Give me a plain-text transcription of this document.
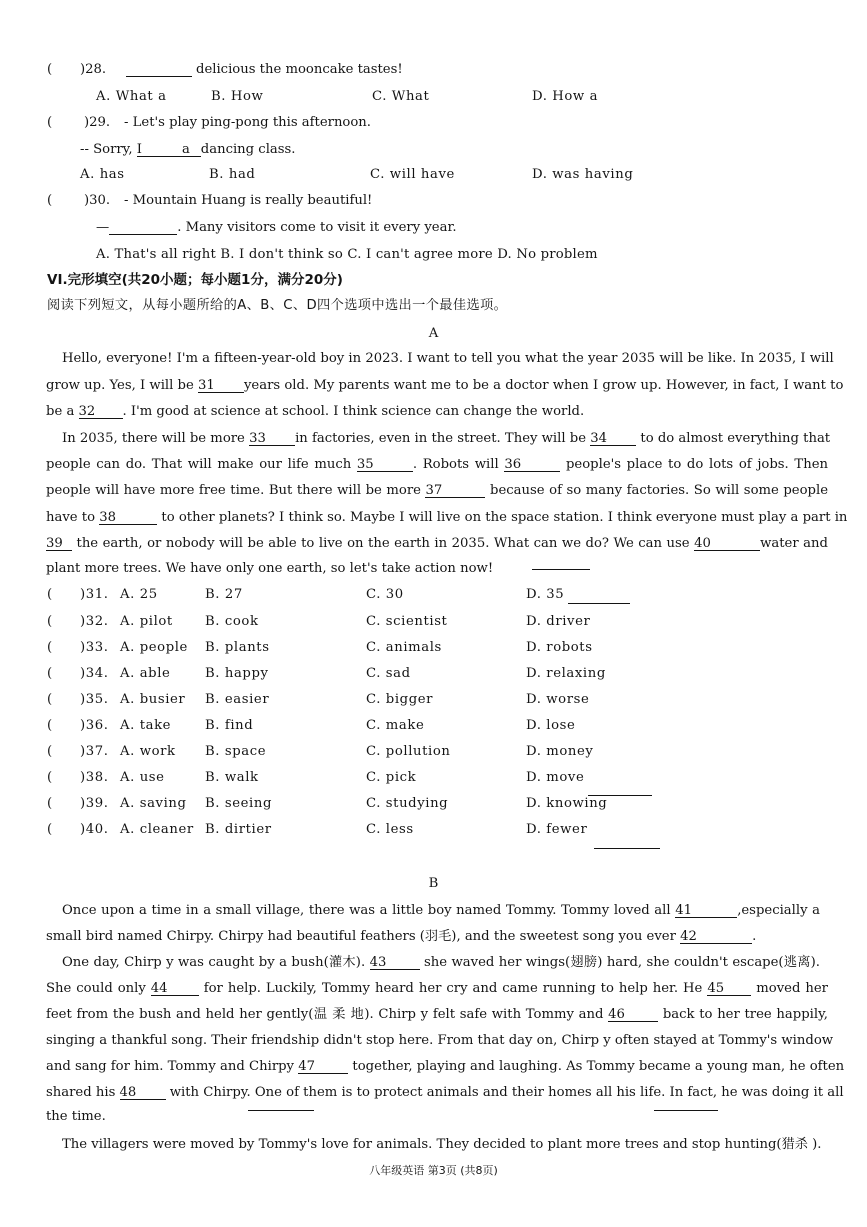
( )28.
	delicious the mooncake tastes!
A. What a	B. How	C. What	D. How a
( )29. - Let's play ping-pong this afternoon.
-- Sorry, I	a dancing class.
A. has	B. had	C. will have	D. was having
( )30. - Mountain Huang is really beautiful!
—	. Many visitors come to visit it every year.
A. That's all right B. I don't think so C. I can't agree more D. No problem
VI.完形填空(共20小题；每小题1分，满分20分)
阅读下列短文，从每小题所给的A、B、C、D四个选项中选出一个最佳选项。
A
Hello, everyone! I'm a fifteen-year-old boy in 2023. I want to tell you what the year 2035 will be like. In 2035, I will
grow up. Yes, I will be 31 years old. My parents want me to be a doctor when I grow up. However, in fact, I want to
be a 32 . I'm good at science at school. I think science can change the world.
In 2035, there will be more 33 in factories, even in the street. They will be 34 to do almost everything that
people can do. That will make our life much 35	. Robots will 36	people's place to do lots of jobs. Then
people will have more free time. But there will be more 37	because of so many factories. So will some people
have to 38	to other planets? I think so. Maybe I will live on the space station. I think everyone must play a part in
39 the earth, or nobody will be able to live on the earth in 2035. What can we do? We can use 40	water and
plant more trees. We have only one earth, so let's take action now!
( )31. A. 25	B. 27	C. 30	D. 35
( )32. A. pilot B. cook	C. scientist	D. driver
( )33. A. people B. plants	C. animals	D. robots
( )34. A. able	B. happy	C. sad	D. relaxing
( )35. A. busier B. easier	C. bigger	D. worse
( )36. A. take	B. find	C. make	D. lose
( )37. A. work B. space	C. pollution	D. money
( )38. A. use	B. walk	C. pick	D. move
( )39. A. saving B. seeing	C. studying	D. knowing
( )40. A. cleaner B. dirtier	C. less	D. fewer
B
Once upon a time in a small village, there was a little boy named Tommy. Tommy loved all 41	,especially a
small bird named Chirpy. Chirpy had beautiful feathers (羽毛), and the sweetest song you ever 42	.
One day, Chirp y was caught by a bush(灌木). 43	she waved her wings(翅膀) hard, she couldn't escape(逃离).
She could only 44 for help. Luckily, Tommy heard her cry and came running to help her. He 45 moved her
feet from the bush and held her gently(温 柔 地). Chirp y felt safe with Tommy and 46	back to her tree happily,
singing a thankful song. Their friendship didn't stop here. From that day on, Chirp y often stayed at Tommy's window
and sang for him. Tommy and Chirpy 47	together, playing and laughing. As Tommy became a young man, he often
shared his 48 with Chirpy. One of them is to protect animals and their homes all his life. In fact, he was doing it all
the time.
The villagers were moved by Tommy's love for animals. They decided to plant more trees and stop hunting(猎杀 ).
八年级英语 第3页 (共8页)
